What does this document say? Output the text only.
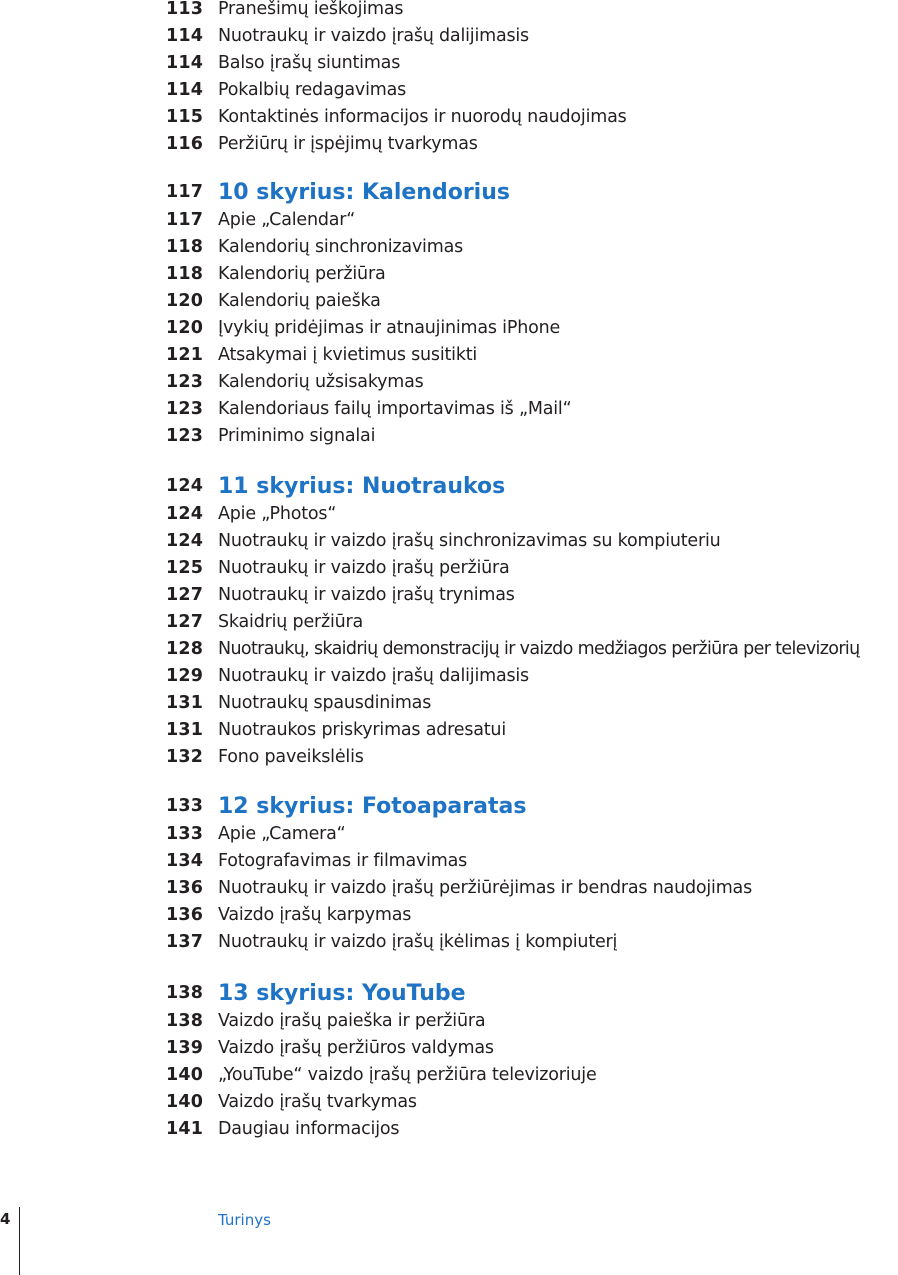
113 Pranešimų ieškojimas
114 Nuotraukų ir vaizdo įrašų dalijimasis
114 Balso įrašų siuntimas
114 Pokalbių redagavimas
115 Kontaktinės informacijos ir nuorodų naudojimas
116 Peržiūrų ir įspėjimų tvarkymas
117 10 skyrius: Kalendorius
117 Apie „Calendar“
118 Kalendorių sinchronizavimas
118 Kalendorių peržiūra
120 Kalendorių paieška
120 Įvykių pridėjimas ir atnaujinimas iPhone
121 Atsakymai į kvietimus susitikti
123 Kalendorių užsisakymas
123 Kalendoriaus failų importavimas iš „Mail“
123 Priminimo signalai
124 11 skyrius: Nuotraukos
124 Apie „Photos“
124 Nuotraukų ir vaizdo įrašų sinchronizavimas su kompiuteriu
125 Nuotraukų ir vaizdo įrašų peržiūra
127 Nuotraukų ir vaizdo įrašų trynimas
127 Skaidrių peržiūra
128 Nuotraukų, skaidrių demonstracijų ir vaizdo medžiagos peržiūra per televizorių
129 Nuotraukų ir vaizdo įrašų dalijimasis
131 Nuotraukų spausdinimas
131 Nuotraukos priskyrimas adresatui
132 Fono paveikslėlis
133 12 skyrius: Fotoaparatas
133 Apie „Camera“
134 Fotografavimas ir filmavimas
136 Nuotraukų ir vaizdo įrašų peržiūrėjimas ir bendras naudojimas
136 Vaizdo įrašų karpymas
137 Nuotraukų ir vaizdo įrašų įkėlimas į kompiuterį
138 13 skyrius: YouTube
138 Vaizdo įrašų paieška ir peržiūra
139 Vaizdo įrašų peržiūros valdymas
140 „YouTube“ vaizdo įrašų peržiūra televizoriuje
140 Vaizdo įrašų tvarkymas
141 Daugiau informacijos
4	Turinys
